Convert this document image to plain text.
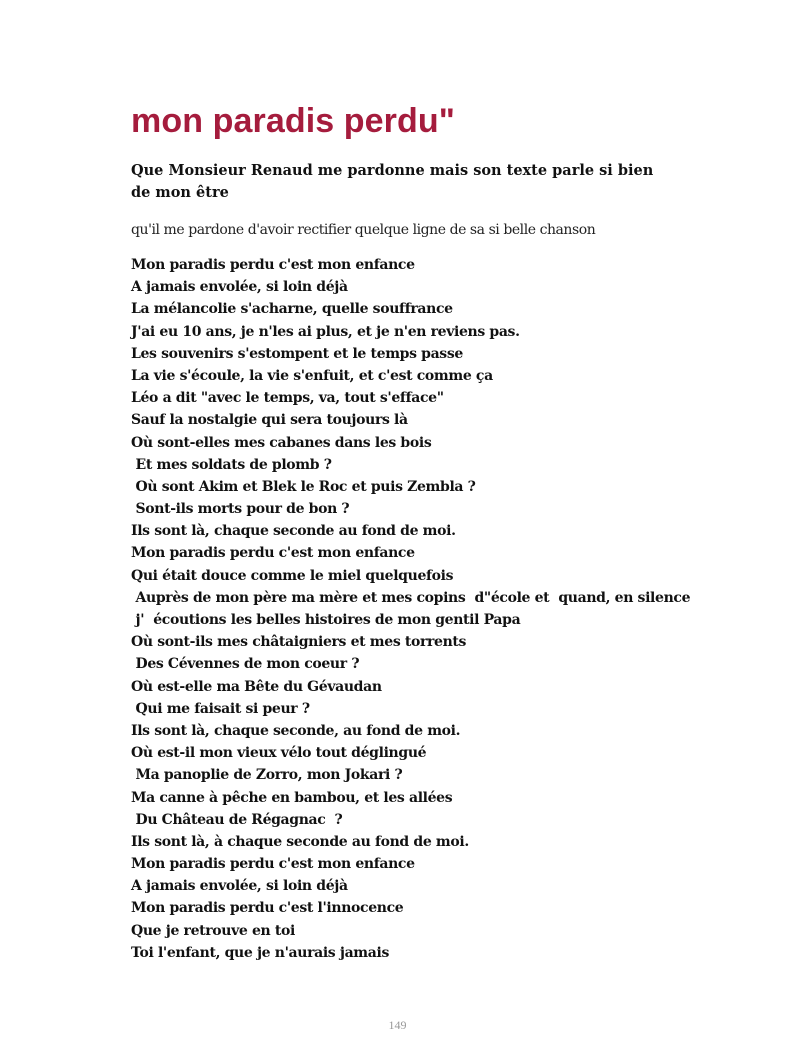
mon paradis perdu"

Que Monsieur Renaud me pardonne mais son texte parle si bien de mon être

qu'il me pardone d'avoir rectifier quelque ligne de sa si belle chanson

Mon paradis perdu c'est mon enfance
A jamais envolée, si loin déjà
La mélancolie s'acharne, quelle souffrance
J'ai eu 10 ans, je n'les ai plus, et je n'en reviens pas.
Les souvenirs s'estompent et le temps passe
La vie s'écoule, la vie s'enfuit, et c'est comme ça
Léo a dit "avec le temps, va, tout s'efface"
Sauf la nostalgie qui sera toujours là
Où sont-elles mes cabanes dans les bois
Et mes soldats de plomb ?
Où sont Akim et Blek le Roc et puis Zembla ?
Sont-ils morts pour de bon ?
Ils sont là, chaque seconde au fond de moi.
Mon paradis perdu c'est mon enfance
Qui était douce comme le miel quelquefois
Auprès de mon père ma mère et mes copins  d"école et  quand, en silence
j'  écoutions les belles histoires de mon gentil Papa
Où sont-ils mes châtaigniers et mes torrents
Des Cévennes de mon coeur ?
Où est-elle ma Bête du Gévaudan
Qui me faisait si peur ?
Ils sont là, chaque seconde, au fond de moi.
Où est-il mon vieux vélo tout déglingué
Ma panoplie de Zorro, mon Jokari ?
Ma canne à pêche en bambou, et les allées
Du Château de Régagnac  ?
Ils sont là, à chaque seconde au fond de moi.
Mon paradis perdu c'est mon enfance
A jamais envolée, si loin déjà
Mon paradis perdu c'est l'innocence
Que je retrouve en toi
Toi l'enfant, que je n'aurais jamais
149
